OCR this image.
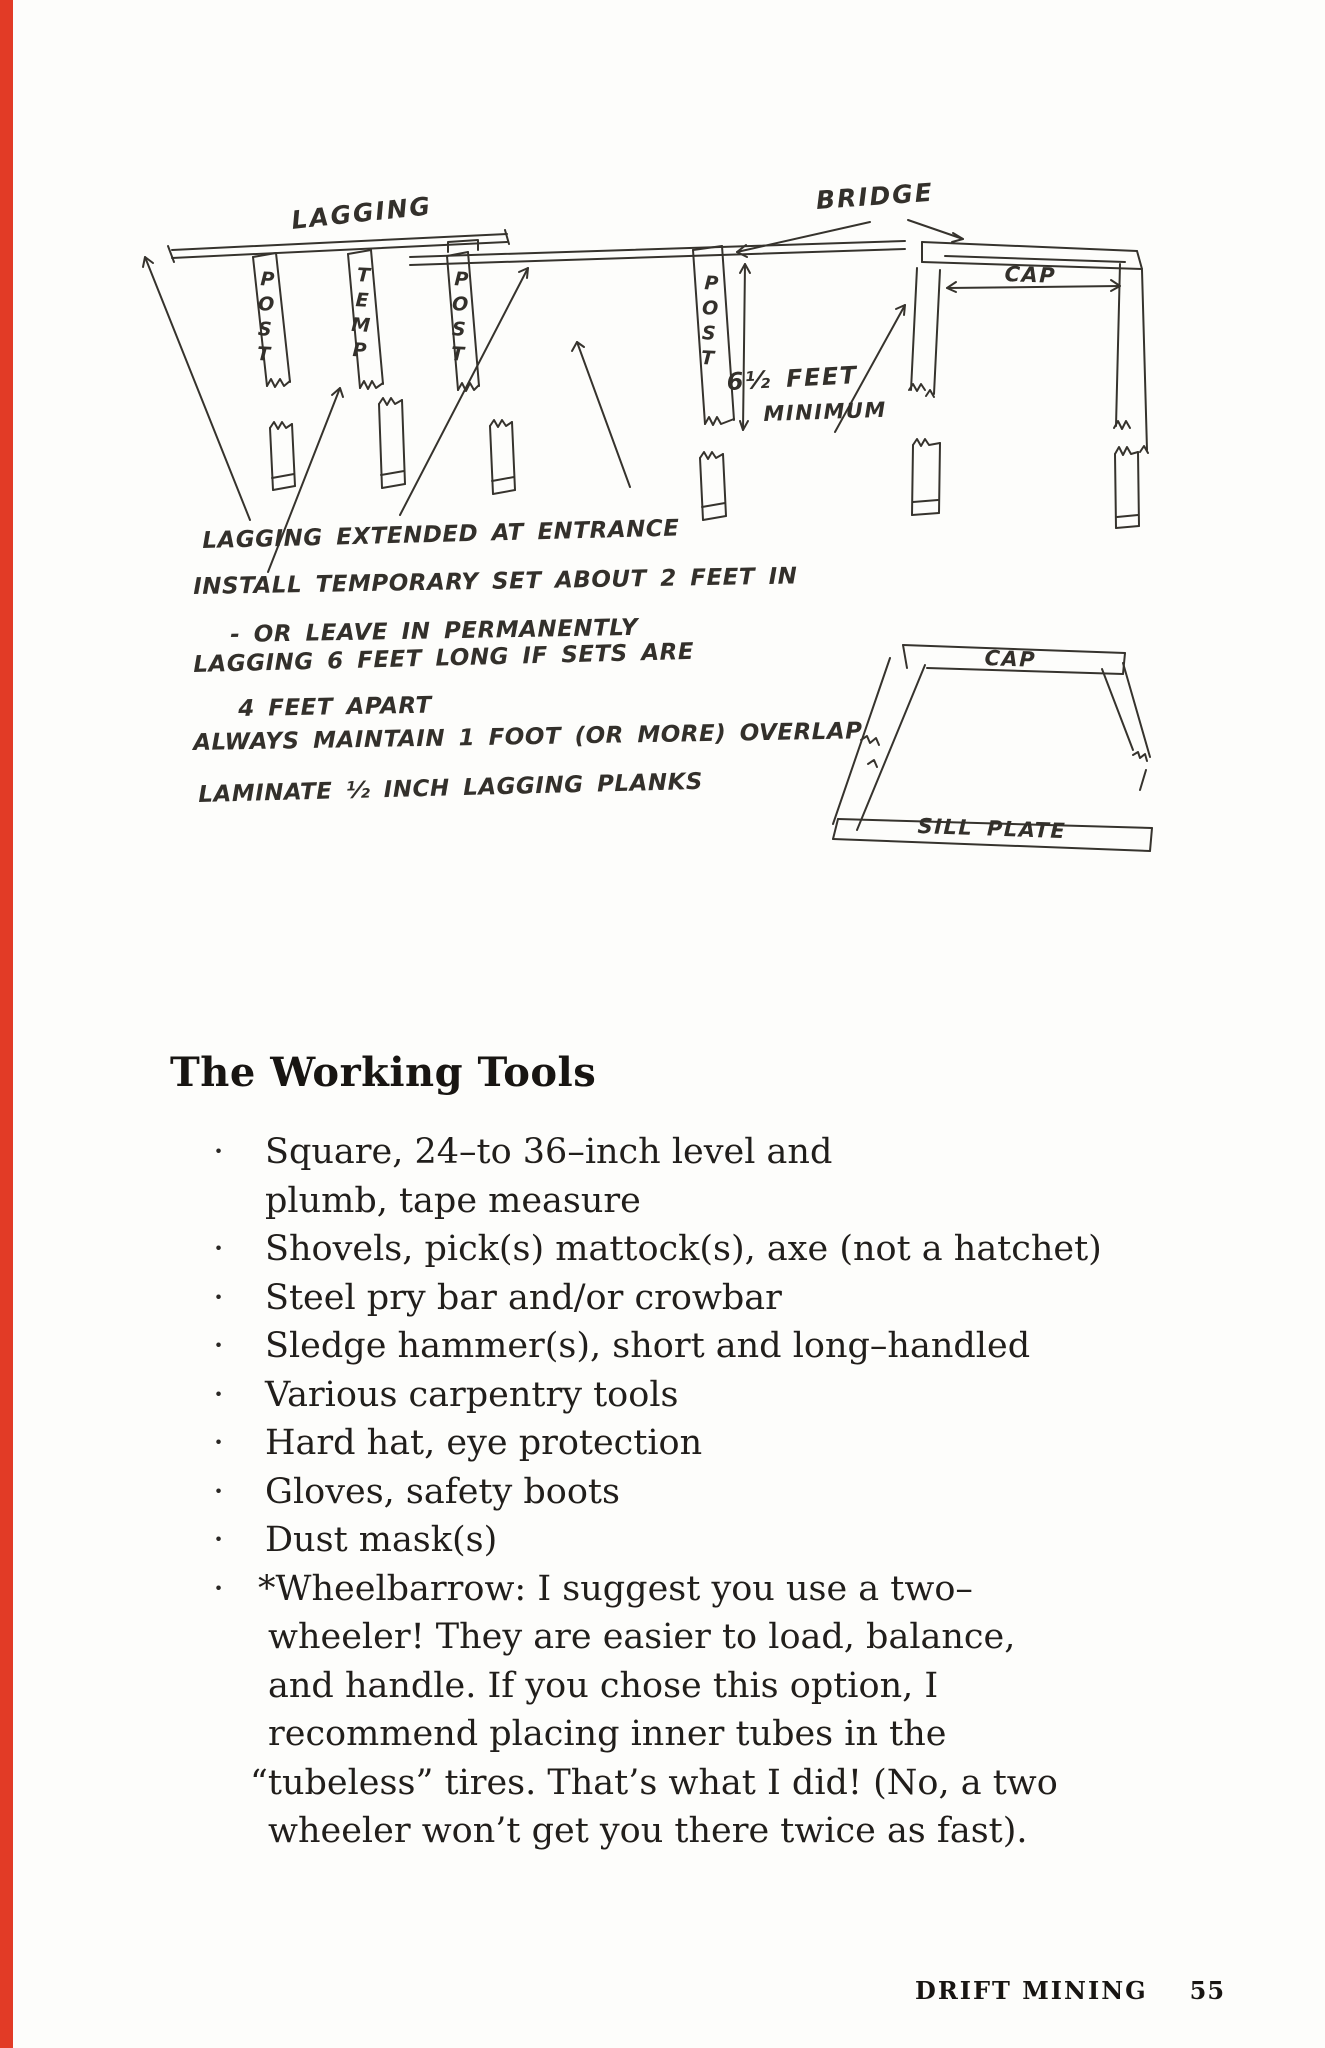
LAGGING	BRIDGE
POST	TEMP	POST	POST
6½ FEET
MINIMUM
CAP
CAP
SILL PLATE
LAGGING EXTENDED AT ENTRANCE
INSTALL TEMPORARY SET ABOUT 2 FEET IN
- OR LEAVE IN PERMANENTLY
LAGGING 6 FEET LONG IF SETS ARE
4 FEET APART
ALWAYS MAINTAIN 1 FOOT (OR MORE) OVERLAP
LAMINATE ½ INCH LAGGING PLANKS
The Working Tools
· Square, 24–to 36–inch level and
plumb, tape measure
· Shovels, pick(s) mattock(s), axe (not a hatchet)
· Steel pry bar and/or crowbar
· Sledge hammer(s), short and long–handled
· Various carpentry tools
· Hard hat, eye protection
· Gloves, safety boots
· Dust mask(s)
· *Wheelbarrow: I suggest you use a two–
wheeler! They are easier to load, balance,
and handle. If you chose this option, I
recommend placing inner tubes in the
“tubeless” tires. That’s what I did! (No, a two
wheeler won’t get you there twice as fast).
DRIFT MINING 55
